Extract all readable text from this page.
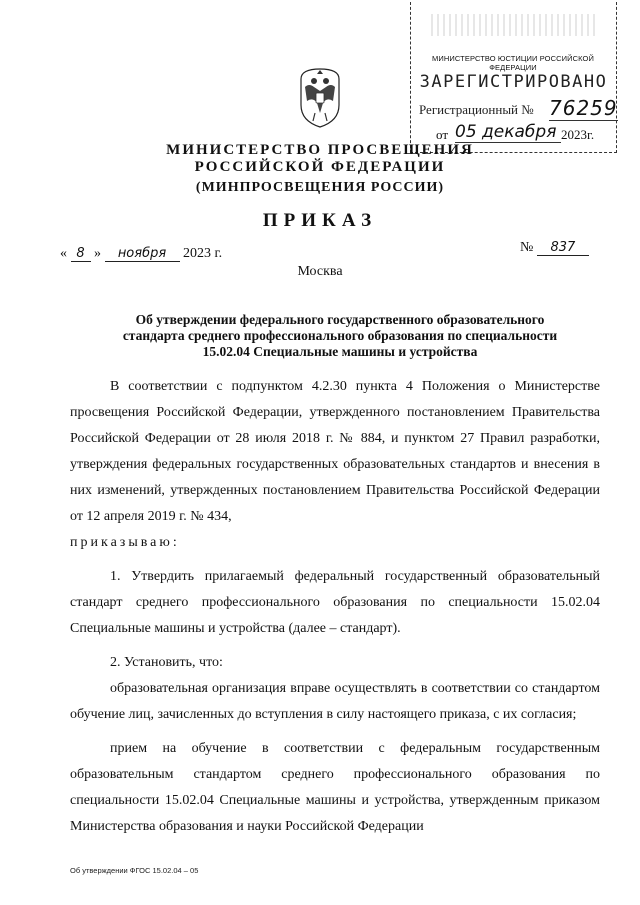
МИНИСТЕРСТВО ЮСТИЦИИ РОССИЙСКОЙ ФЕДЕРАЦИИ
ЗАРЕГИСТРИРОВАНО
Регистрационный № 76259
от 05 декабря 2023г.
МИНИСТЕРСТВО ПРОСВЕЩЕНИЯ
РОССИЙСКОЙ ФЕДЕРАЦИИ
(МИНПРОСВЕЩЕНИЯ РОССИИ)
ПРИКАЗ
« 8 » ноября 2023 г.	№ 837
Москва
Об утверждении федерального государственного образовательного
стандарта среднего профессионального образования по специальности
15.02.04 Специальные машины и устройства

В соответствии с подпунктом 4.2.30 пункта 4 Положения о Министерстве просвещения Российской Федерации, утвержденного постановлением Правительства Российской Федерации от 28 июля 2018 г. № 884, и пунктом 27 Правил разработки, утверждения федеральных государственных образовательных стандартов и внесения в них изменений, утвержденных постановлением Правительства Российской Федерации от 12 апреля 2019 г. № 434,

приказываю:

1. Утвердить прилагаемый федеральный государственный образовательный стандарт среднего профессионального образования по специальности 15.02.04 Специальные машины и устройства (далее – стандарт).

2. Установить, что:

образовательная организация вправе осуществлять в соответствии со стандартом обучение лиц, зачисленных до вступления в силу настоящего приказа, с их согласия;

прием на обучение в соответствии с федеральным государственным образовательным стандартом среднего профессионального образования по специальности 15.02.04 Специальные машины и устройства, утвержденным приказом Министерства образования и науки Российской Федерации

Об утверждении ФГОС 15.02.04 – 05
